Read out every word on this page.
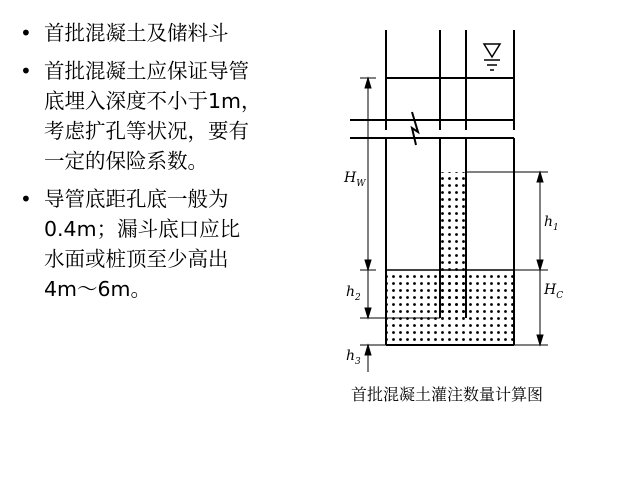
• 首批混凝土及储料斗
• 首批混凝土应保证导管
底埋入深度不小于1m，
考虑扩孔等状况，要有
一定的保险系数。
• 导管底距孔底一般为
0.4m；漏斗底口应比
水面或桩顶至少高出
4m～6m。
$H_W$
$h_2$
$h_3$
$h_1$
$H_C$
首批混凝土灌注数量计算图
